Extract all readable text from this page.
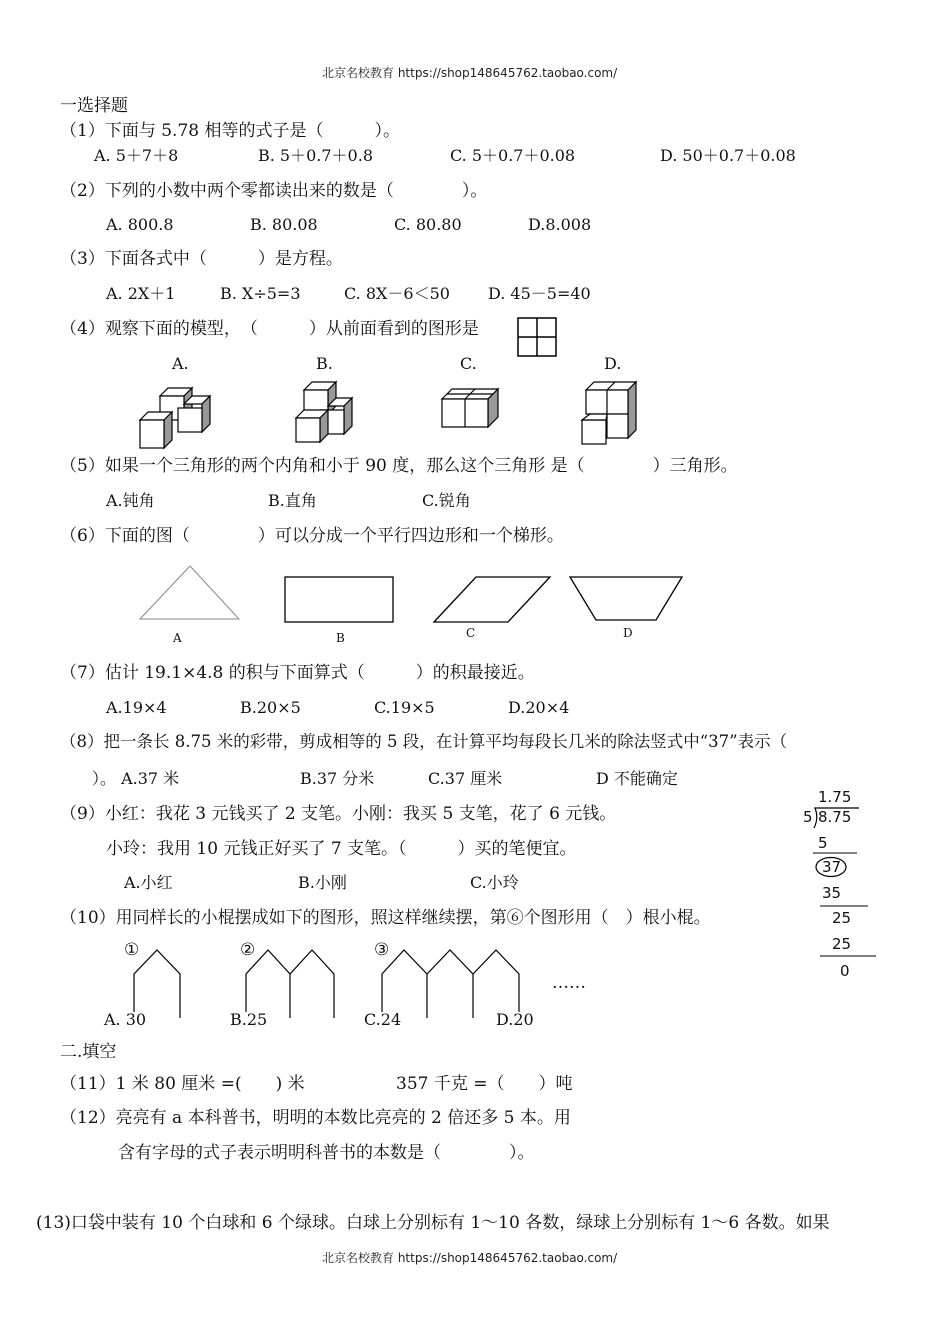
北京名校教育 https://shop148645762.taobao.com/
一选择题
（1）下面与 5.78 相等的式子是（　　　）。
A. 5＋7＋8	B. 5＋0.7＋0.8	C. 5＋0.7＋0.08	D. 50＋0.7＋0.08
（2）下列的小数中两个零都读出来的数是（　　　　）。
A. 800.8	B. 80.08	C. 80.80	D.8.008
（3）下面各式中（　　　）是方程。
A. 2X＋1	B. X÷5=3	C. 8X－6＜50 D. 45－5=40
（4）观察下面的模型，　（　　　）从前面看到的图形是
A.	B.	C.	D.
（5）如果一个三角形的两个内角和小于 90 度，那么这个三角形 是（　　　　）三角形。
A.钝角	B.直角	C.锐角
（6）下面的图（　　　　）可以分成一个平行四边形和一个梯形。
A	B	C	D
（7）估计 19.1×4.8 的积与下面算式（　　　）的积最接近。
A.19×4	B.20×5	C.19×5	D.20×4
（8）把一条长 8.75 米的彩带，剪成相等的 5 段，在计算平均每段长几米的除法竖式中“37”表示（
）。 A.37 米	B.37 分米	C.37 厘米	D 不能确定
（9）小红：我花 3 元钱买了 2 支笔。小刚：我买 5 支笔，花了 6 元钱。
小玲：我用 10 元钱正好买了 7 支笔。（　　　）买的笔便宜。
A.小红	B.小刚	C.小玲
1.75
5 8.75
5
37
35
25
25
0
（10）用同样长的小棍摆成如下的图形，照这样继续摆，第⑥个图形用（　）根小棍。
①	②	③
……
A. 30	B.25	C.24	D.20
二.填空
（11）1 米 80 厘米 =(　　) 米	357 千克 =（　　）吨
（12）亮亮有 a 本科普书，明明的本数比亮亮的 2 倍还多 5 本。用
含有字母的式子表示明明科普书的本数是（　　　　）。
(13)口袋中装有 10 个白球和 6 个绿球。白球上分别标有 1～10 各数，绿球上分别标有 1～6 各数。如果
北京名校教育 https://shop148645762.taobao.com/
